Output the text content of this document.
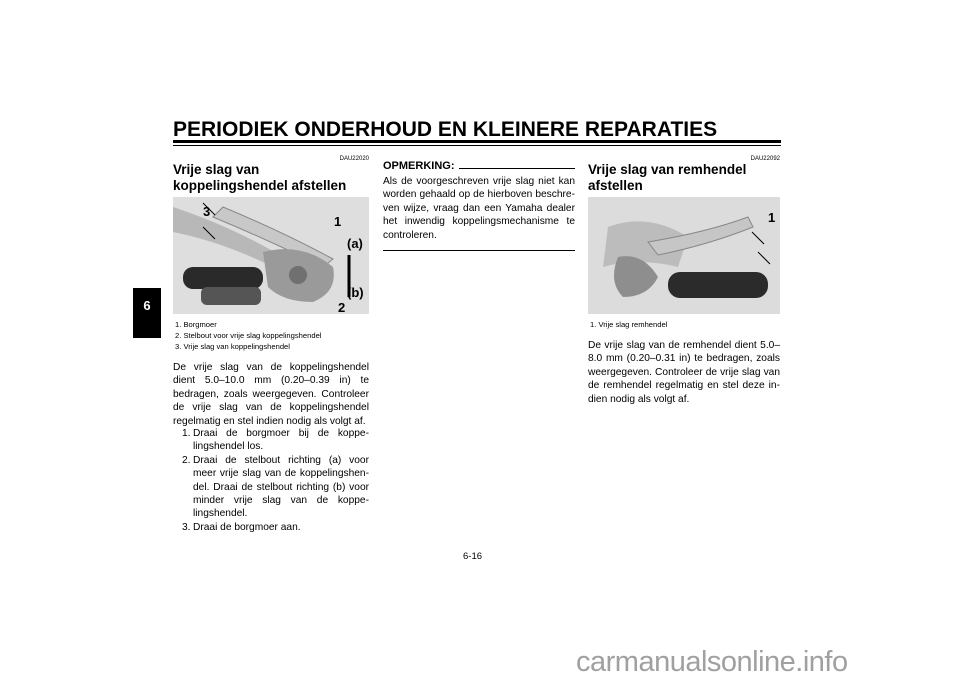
PERIODIEK ONDERHOUD EN KLEINERE REPARATIES
6
DAU22020
Vrije slag van koppelingshendel afstellen
3
1
(a)
(b)
2
1. Borgmoer
2. Stelbout voor vrije slag koppelingshendel
3. Vrije slag van koppelingshendel
De vrije slag van de koppelingshendel dient 5.0–10.0 mm (0.20–0.39 in) te bedragen, zoals weergegeven. Controleer de vrije slag van de koppelingshendel regelmatig en stel indien nodig als volgt af.
1. Draai de borgmoer bij de koppe-lingshendel los.
2. Draai de stelbout richting (a) voor meer vrije slag van de koppelingshen-del. Draai de stelbout richting (b) voor minder vrije slag van de koppe-lingshendel.
3. Draai de borgmoer aan.
OPMERKING:
Als de voorgeschreven vrije slag niet kan worden gehaald op de hierboven beschre-ven wijze, vraag dan een Yamaha dealer het inwendig koppelingsmechanisme te controleren.
DAU22092
Vrije slag van remhendel afstellen
1
1. Vrije slag remhendel
De vrije slag van de remhendel dient 5.0–8.0 mm (0.20–0.31 in) te bedragen, zoals weergegeven. Controleer de vrije slag van de remhendel regelmatig en stel deze in-dien nodig als volgt af.
6-16
carmanualsonline.info
